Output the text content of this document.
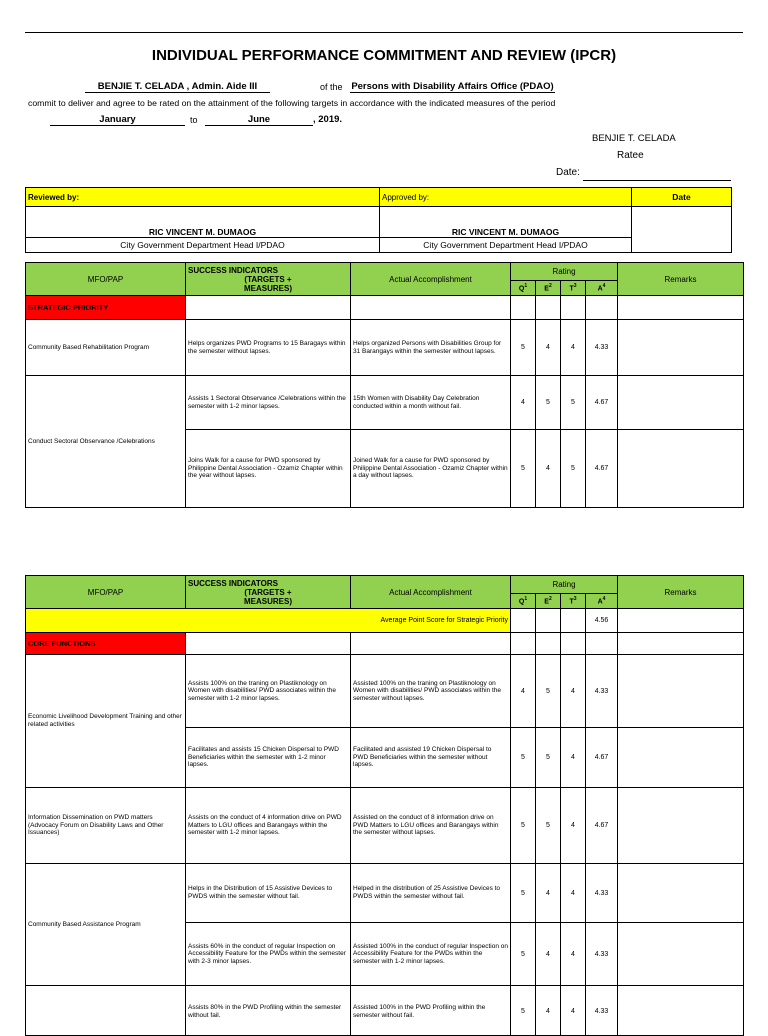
INDIVIDUAL PERFORMANCE COMMITMENT AND REVIEW (IPCR)
BENJIE T. CELADA , Admin. Aide III	of the Persons with Disability Affairs Office (PDAO)
commit to deliver and agree to be rated on the attainment of the following targets in accordance with the indicated measures of the period
January	to	June	, 2019.
BENJIE T. CELADA
Ratee
Date:
Reviewed by:	Approved by:	Date
RIC VINCENT M. DUMAOG	RIC VINCENT M. DUMAOG	
City Government Department Head I/PDAO	City Government Department Head I/PDAO	
MFO/PAP	SUCCESS INDICATORS
(TARGETS +
MEASURES)	Actual Accomplishment	Rating				Remarks
			$Q^1$	$E^2$	$T^3$	$A^4$
STRATEGIC PRIORITY							
Community Based Rehabilitation Program	Helps organizes PWD Programs to 15 Baragays within the semester without lapses.	Helps organized Persons with Disabilities Group for 31 Barangays within the semester without lapses.	5	4	4	4.33	
Conduct Sectoral Observance /Celebrations	Assists 1 Sectoral Observance /Celebrations within the semester with 1-2 minor lapses.	15th Women with Disability Day Celebration conducted within a month without fail.	4	5	5	4.67	
	Joins Walk for a cause for PWD sponsored by Philippine Dental Association - Ozamiz Chapter within the year without lapses.	Joined Walk for a cause for PWD sponsored by Philippine Dental Association - Ozamiz Chapter within a day without lapses.	5	4	5	4.67	
MFO/PAP	SUCCESS INDICATORS
(TARGETS +
MEASURES)	Actual Accomplishment	Rating				Remarks
			$Q^1$	$E^2$	$T^3$	$A^4$
Average Point Score for Strategic Priority						4.56	
CORE FUNCTIONS							
Economic Livelihood Development Training and other related activities	Assists 100% on the traning on Plastiknology on Women with disabilities/ PWD associates within the semester with 1-2 minor lapses.	Assisted 100% on the traning on Plastiknology on Women with disabilities/ PWD associates within the semester without lapses.	4	5	4	4.33	
	Facilitates and assists 15 Chicken Dispersal to PWD Beneficiaries within the semester with 1-2 minor lapses.	Facilitated and assisted 19 Chicken Dispersal to PWD Beneficiaries within the semester without lapses.	5	5	4	4.67	
Information Dissemination on PWD matters (Advocacy Forum on Disability Laws and Other Issuances)	Assists on the conduct of 4 information drive on PWD Matters to LGU offices and Barangays within the semester with 1-2 minor lapses.	Assisted on the conduct of 8 information drive on PWD Matters to LGU offices and Barangays within the semester without lapses.	5	5	4	4.67	
Community Based Assistance Program	Helps in the Distribution of 15 Assistive Devices to PWDS within the semester without fail.	Helped in the distribution of 25 Assistive Devices to PWDS within the semester without fail.	5	4	4	4.33	
	Assists 60% in the conduct of regular Inspection on Accessibility Feature for the PWDs within the semester with 2-3 minor lapses.	Assisted 100% in the conduct of regular Inspection on Accessibility Feature for the PWDs within the semester with 1-2 minor lapses.	5	4	4	4.33	
	Assists 80% in the PWD Profiling within the semester without fail.	Assisted 100% in the PWD Profiling within the semester without fail.	5	4	4	4.33	
